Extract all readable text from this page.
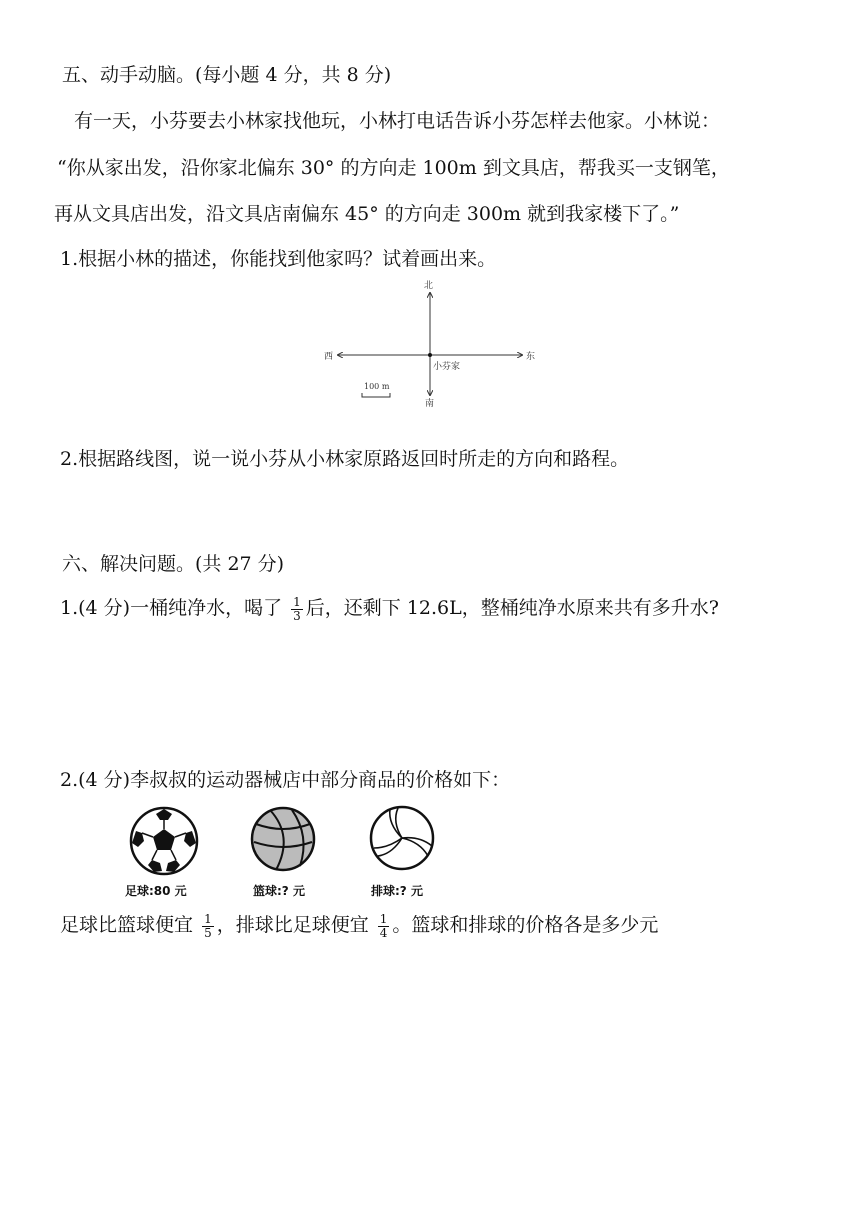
五、动手动脑。(每小题 4 分，共 8 分)
有一天，小芬要去小林家找他玩，小林打电话告诉小芬怎样去他家。小林说：
“你从家出发，沿你家北偏东 30° 的方向走 100m 到文具店，帮我买一支钢笔，
再从文具店出发，沿文具店南偏东 45° 的方向走 300m 就到我家楼下了。”
1.根据小林的描述，你能找到他家吗？试着画出来。
北
南
东
西
小芬家
100 m
2.根据路线图，说一说小芬从小林家原路返回时所走的方向和路程。
六、解决问题。(共 27 分)
1.(4 分)一桶纯净水，喝了 $\frac{1}{3}$ 后，还剩下 12.6L，整桶纯净水原来共有多升水?
2.(4 分)李叔叔的运动器械店中部分商品的价格如下：
足球:80 元	篮球:? 元	排球:? 元
足球比篮球便宜 $\frac{1}{5}$ ，排球比足球便宜 $\frac{1}{4}$ 。篮球和排球的价格各是多少元
